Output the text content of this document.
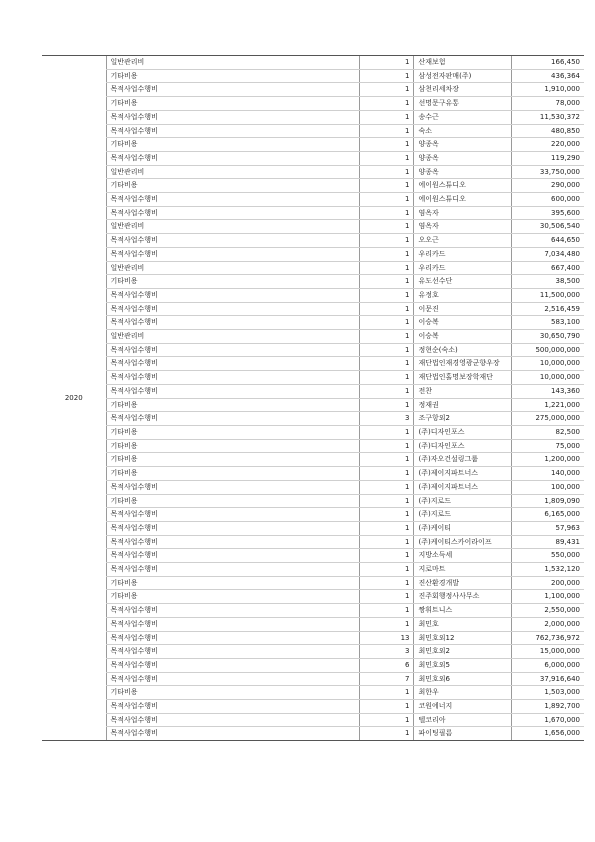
2020	일반관리비	1	산재보험	166,450
	기타비용	1	삼성전자판매(주)	436,364
	목적사업수행비	1	삼천리세차장	1,910,000
	기타비용	1	선명문구유통	78,000
	목적사업수행비	1	송수근	11,530,372
	목적사업수행비	1	숙소	480,850
	기타비용	1	양종옥	220,000
	목적사업수행비	1	양종옥	119,290
	일반관리비	1	양종옥	33,750,000
	기타비용	1	에이원스튜디오	290,000
	목적사업수행비	1	에이원스튜디오	600,000
	목적사업수행비	1	염옥자	395,600
	일반관리비	1	염옥자	30,506,540
	목적사업수행비	1	오오근	644,650
	목적사업수행비	1	우리카드	7,034,480
	일반관리비	1	우리카드	667,400
	기타비용	1	유도선수단	38,500
	목적사업수행비	1	유정호	11,500,000
	목적사업수행비	1	이문진	2,516,459
	목적사업수행비	1	이승복	583,100
	일반관리비	1	이승복	30,650,790
	목적사업수행비	1	정현순(숙소)	500,000,000
	목적사업수행비	1	재단법인재경영광군향우장	10,000,000
	목적사업수행비	1	재단법인홀명보장학재단	10,000,000
	목적사업수행비	1	전찬	143,360
	기타비용	1	정재권	1,221,000
	목적사업수행비	3	조구항외2	275,000,000
	기타비용	1	(주)디자인포스	82,500
	기타비용	1	(주)디자인포스	75,000
	기타비용	1	(주)자오건설링그룹	1,200,000
	기타비용	1	(주)제이지파트너스	140,000
	목적사업수행비	1	(주)제이지파트너스	100,000
	기타비용	1	(주)지로드	1,809,090
	목적사업수행비	1	(주)지로드	6,165,000
	목적사업수행비	1	(주)케이티	57,963
	목적사업수행비	1	(주)케이티스카이라이프	89,431
	목적사업수행비	1	지방소득세	550,000
	목적사업수행비	1	지로마트	1,532,120
	기타비용	1	진산환경개발	200,000
	기타비용	1	진주회행정사사무소	1,100,000
	목적사업수행비	1	짱휘트니스	2,550,000
	목적사업수행비	1	최민호	2,000,000
	목적사업수행비	13	최민호외12	762,736,972
	목적사업수행비	3	최민호외2	15,000,000
	목적사업수행비	6	최민호외5	6,000,000
	목적사업수행비	7	최민호외6	37,916,640
	기타비용	1	최한우	1,503,000
	목적사업수행비	1	코원에너지	1,892,700
	목적사업수행비	1	텔코리아	1,670,000
	목적사업수행비	1	파이팅필름	1,656,000
